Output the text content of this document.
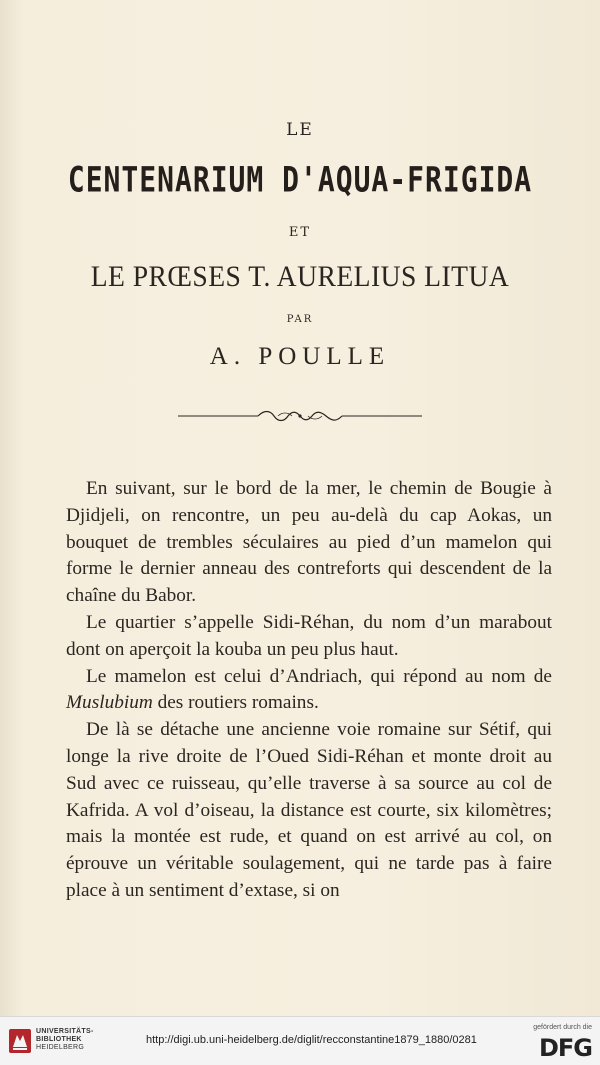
LE
CENTENARIUM D'AQUA-FRIGIDA
ET
LE PRŒSES T. AURELIUS LITUA
PAR
A. POULLE

En suivant, sur le bord de la mer, le chemin de Bougie à Djidjeli, on rencontre, un peu au-delà du cap Aokas, un bouquet de trembles séculaires au pied d’un mamelon qui forme le dernier anneau des contreforts qui descendent de la chaîne du Babor.

Le quartier s’appelle Sidi-Réhan, du nom d’un marabout dont on aperçoit la kouba un peu plus haut.

Le mamelon est celui d’Andriach, qui répond au nom de Muslubium des routiers romains.

De là se détache une ancienne voie romaine sur Sétif, qui longe la rive droite de l’Oued Sidi-Réhan et monte droit au Sud avec ce ruisseau, qu’elle traverse à sa source au col de Kafrida. A vol d’oiseau, la distance est courte, six kilomètres; mais la montée est rude, et quand on est arrivé au col, on éprouve un véritable soulagement, qui ne tarde pas à faire place à un sentiment d’extase, si on

UNIVERSITÄTS-
BIBLIOTHEK
HEIDELBERG
http://digi.ub.uni-heidelberg.de/diglit/recconstantine1879_1880/0281
gefördert durch die
DFG
